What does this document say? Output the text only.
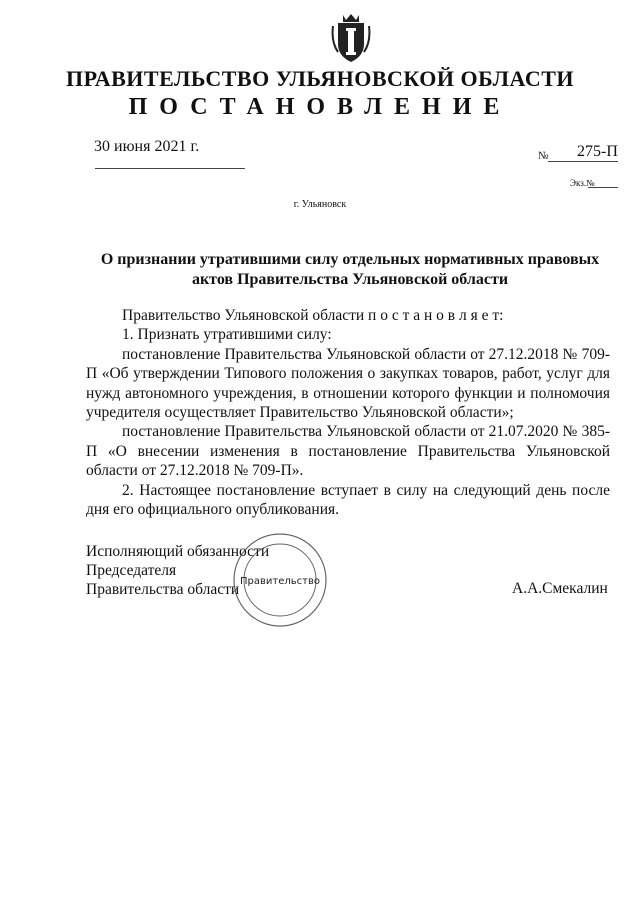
ПРАВИТЕЛЬСТВО УЛЬЯНОВСКОЙ ОБЛАСТИ
ПОСТАНОВЛЕНИЕ
30 июня 2021 г.
№ 275-П
Экз.№
г. Ульяновск
О признании утратившими силу отдельных нормативных правовых
актов Правительства Ульяновской области

Правительство Ульяновской области п о с т а н о в л я е т:

1. Признать утратившими силу:

постановление Правительства Ульяновской области от 27.12.2018 № 709-П «Об утверждении Типового положения о закупках товаров, работ, услуг для нужд автономного учреждения, в отношении которого функции и полномочия учредителя осуществляет Правительство Ульяновской области»;

постановление Правительства Ульяновской области от 21.07.2020 № 385-П «О внесении изменения в постановление Правительства Ульяновской области от 27.12.2018 № 709-П».

2. Настоящее постановление вступает в силу на следующий день после дня его официального опубликования.

Исполняющий обязанности
Председателя
Правительства области Правительство	А.А.Смекалин
